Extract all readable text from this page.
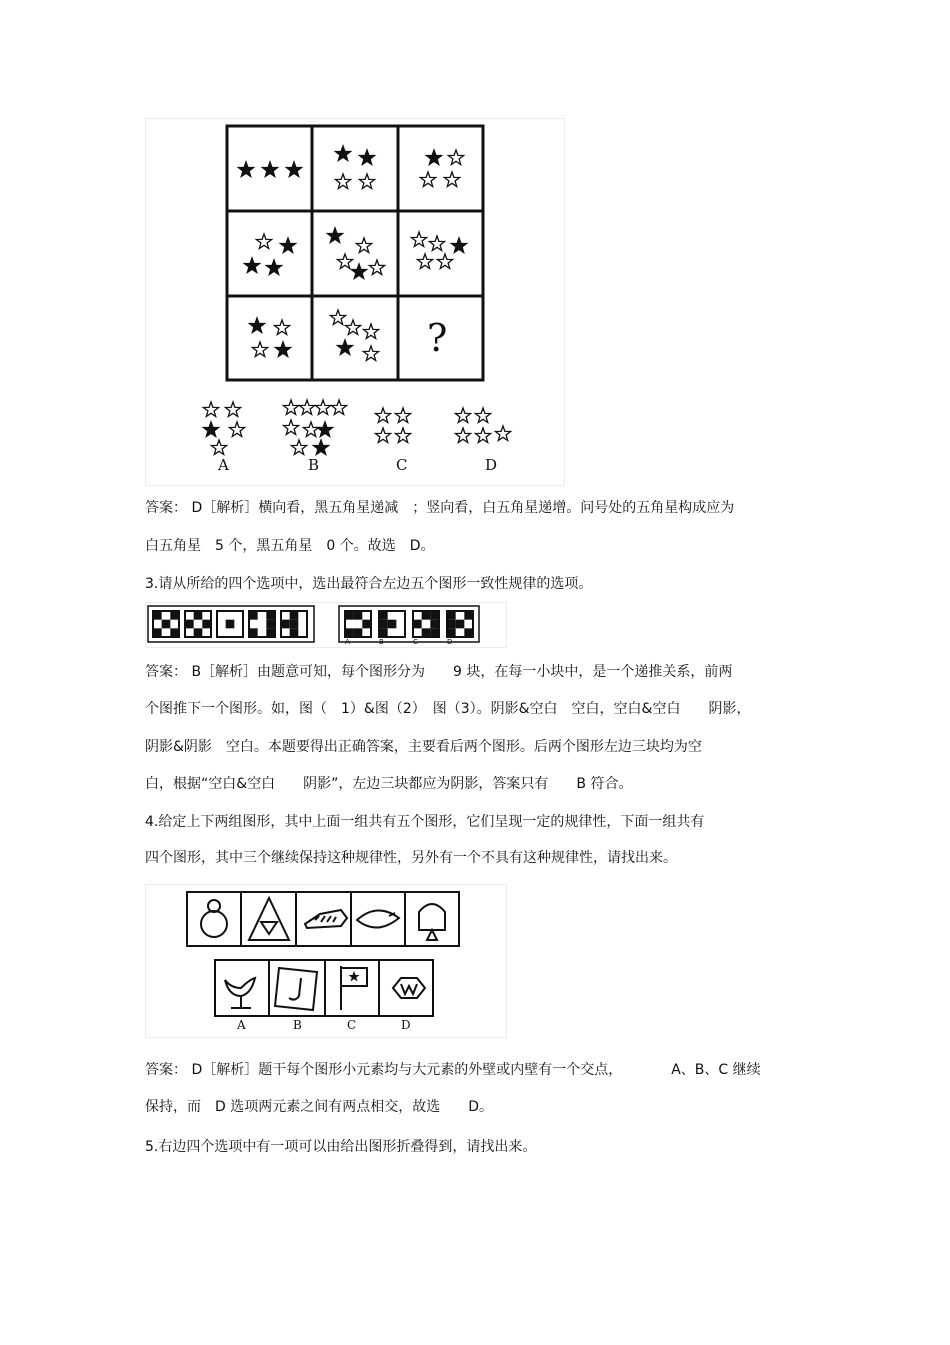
?
A	B	C	D
答案： D［解析］横向看，黑五角星递减　；竖向看，白五角星递增。问号处的五角星构成应为
白五角星　5 个，黑五角星　0 个。故选　D。
3.请从所给的四个选项中，选出最符合左边五个图形一致性规律的选项。
A	B	C	D
答案： B［解析］由题意可知，每个图形分为　　9 块，在每一小块中，是一个递推关系，前两
个图推下一个图形。如，图（　1）&图（2）　图（3）。阴影&空白　空白，空白&空白　　阴影，
阴影&阴影　空白。本题要得出正确答案，主要看后两个图形。后两个图形左边三块均为空
白，根据“空白&空白　　阴影”，左边三块都应为阴影，答案只有　　B 符合。
4.给定上下两组图形，其中上面一组共有五个图形，它们呈现一定的规律性，下面一组共有
四个图形，其中三个继续保持这种规律性，另外有一个不具有这种规律性，请找出来。
A	B	C	D
答案： D［解析］题干每个图形小元素均与大元素的外壁或内壁有一个交点，　　　　A、B、C 继续
保持，而　D 选项两元素之间有两点相交，故选　　D。
5.右边四个选项中有一项可以由给出图形折叠得到，请找出来。
